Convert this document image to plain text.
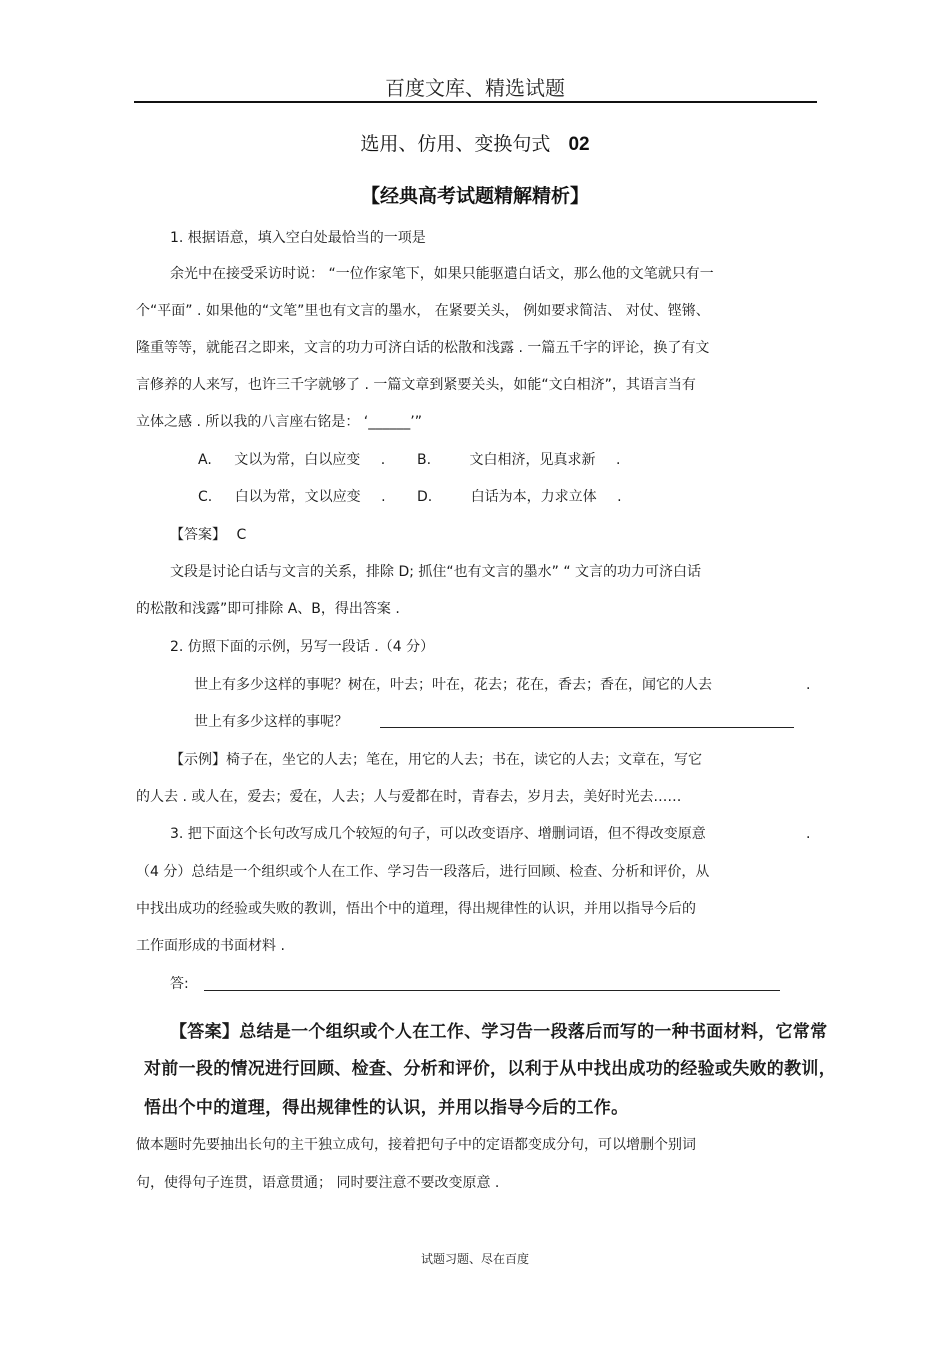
百度文库、精选试题
选用、仿用、变换句式 02
【经典高考试题精解精析】
1. 根据语意，填入空白处最恰当的一项是
余光中在接受采访时说： “一位作家笔下，如果只能驱遣白话文，那么他的文笔就只有一
个“平面” . 如果他的“文笔”里也有文言的墨水， 在紧要关头， 例如要求简洁、 对仗、铿锵、
隆重等等，就能召之即来，文言的功力可济白话的松散和浅露 . 一篇五千字的评论，换了有文
言修养的人来写，也许三千字就够了 . 一篇文章到紧要关头，如能“文白相济”，其语言当有
立体之感 . 所以我的八言座右铭是： ‘______’”
A. 文以为常，白以应变 . B.	文白相济，见真求新 .
C. 白以为常，文以应变 . D.	白话为本，力求立体 .
【答案】 C
文段是讨论白话与文言的关系，排除 D; 抓住“也有文言的墨水” “ 文言的功力可济白话
的松散和浅露”即可排除 A、B，得出答案 .
2. 仿照下面的示例，另写一段话 .（4 分）
世上有多少这样的事呢？树在，叶去；叶在，花去；花在，香去；香在，闻它的人去	.
世上有多少这样的事呢？
【示例】椅子在，坐它的人去；笔在，用它的人去；书在，读它的人去；文章在，写它
的人去 . 或人在，爱去；爱在，人去；人与爱都在时，青春去，岁月去，美好时光去……
3. 把下面这个长句改写成几个较短的句子，可以改变语序、增删词语，但不得改变原意	.
（4 分）总结是一个组织或个人在工作、学习告一段落后，进行回顾、检查、分析和评价，从
中找出成功的经验或失败的教训，悟出个中的道理，得出规律性的认识，并用以指导今后的
工作面形成的书面材料 .
答:
【答案】总结是一个组织或个人在工作、学习告一段落后而写的一种书面材料，它常常
对前一段的情况进行回顾、检查、分析和评价，以利于从中找出成功的经验或失败的教训，
悟出个中的道理，得出规律性的认识，并用以指导今后的工作。
做本题时先要抽出长句的主干独立成句，接着把句子中的定语都变成分句，可以增删个别词
句，使得句子连贯，语意贯通； 同时要注意不要改变原意 .
试题习题、尽在百度
